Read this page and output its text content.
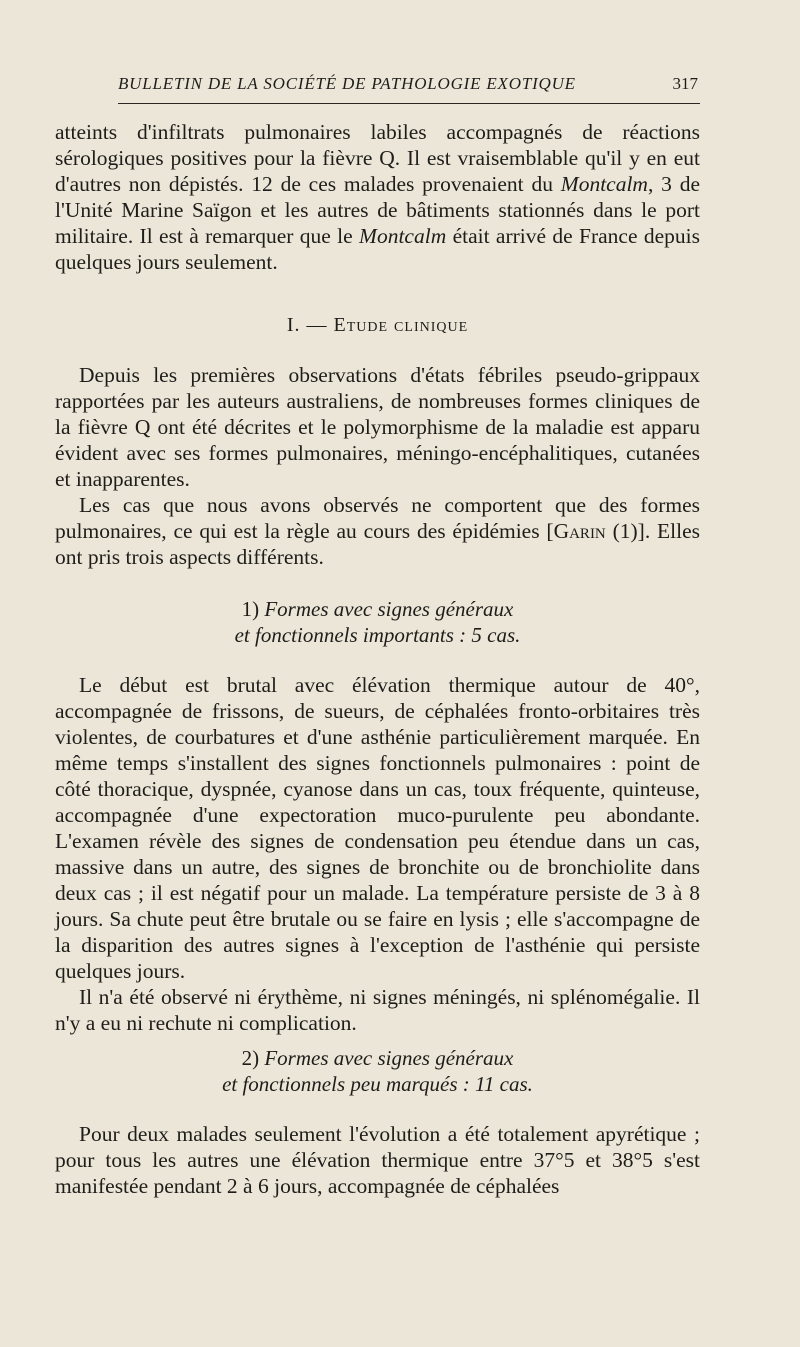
BULLETIN DE LA SOCIÉTÉ DE PATHOLOGIE EXOTIQUE	317

atteints d'infiltrats pulmonaires labiles accompagnés de réactions sérologiques positives pour la fièvre Q. Il est vraisemblable qu'il y en eut d'autres non dépistés. 12 de ces malades provenaient du Montcalm, 3 de l'Unité Marine Saïgon et les autres de bâtiments stationnés dans le port militaire. Il est à remarquer que le Montcalm était arrivé de France depuis quelques jours seulement.

I. — Etude clinique

Depuis les premières observations d'états fébriles pseudo-grippaux rapportées par les auteurs australiens, de nombreuses formes cliniques de la fièvre Q ont été décrites et le polymorphisme de la maladie est apparu évident avec ses formes pulmonaires, méningo-encéphalitiques, cutanées et inapparentes.

Les cas que nous avons observés ne comportent que des formes pulmonaires, ce qui est la règle au cours des épidémies [Garin (1)]. Elles ont pris trois aspects différents.

1) Formes avec signes généraux
et fonctionnels importants : 5 cas.

Le début est brutal avec élévation thermique autour de 40°, accompagnée de frissons, de sueurs, de céphalées fronto-orbitaires très violentes, de courbatures et d'une asthénie particulièrement marquée. En même temps s'installent des signes fonctionnels pulmonaires : point de côté thoracique, dyspnée, cyanose dans un cas, toux fréquente, quinteuse, accompagnée d'une expectoration muco-purulente peu abondante. L'examen révèle des signes de condensation peu étendue dans un cas, massive dans un autre, des signes de bronchite ou de bronchiolite dans deux cas ; il est négatif pour un malade. La température persiste de 3 à 8 jours. Sa chute peut être brutale ou se faire en lysis ; elle s'accompagne de la disparition des autres signes à l'exception de l'asthénie qui persiste quelques jours.

Il n'a été observé ni érythème, ni signes méningés, ni splénomégalie. Il n'y a eu ni rechute ni complication.

2) Formes avec signes généraux
et fonctionnels peu marqués : 11 cas.

Pour deux malades seulement l'évolution a été totalement apyrétique ; pour tous les autres une élévation thermique entre 37°5 et 38°5 s'est manifestée pendant 2 à 6 jours, accompagnée de céphalées
